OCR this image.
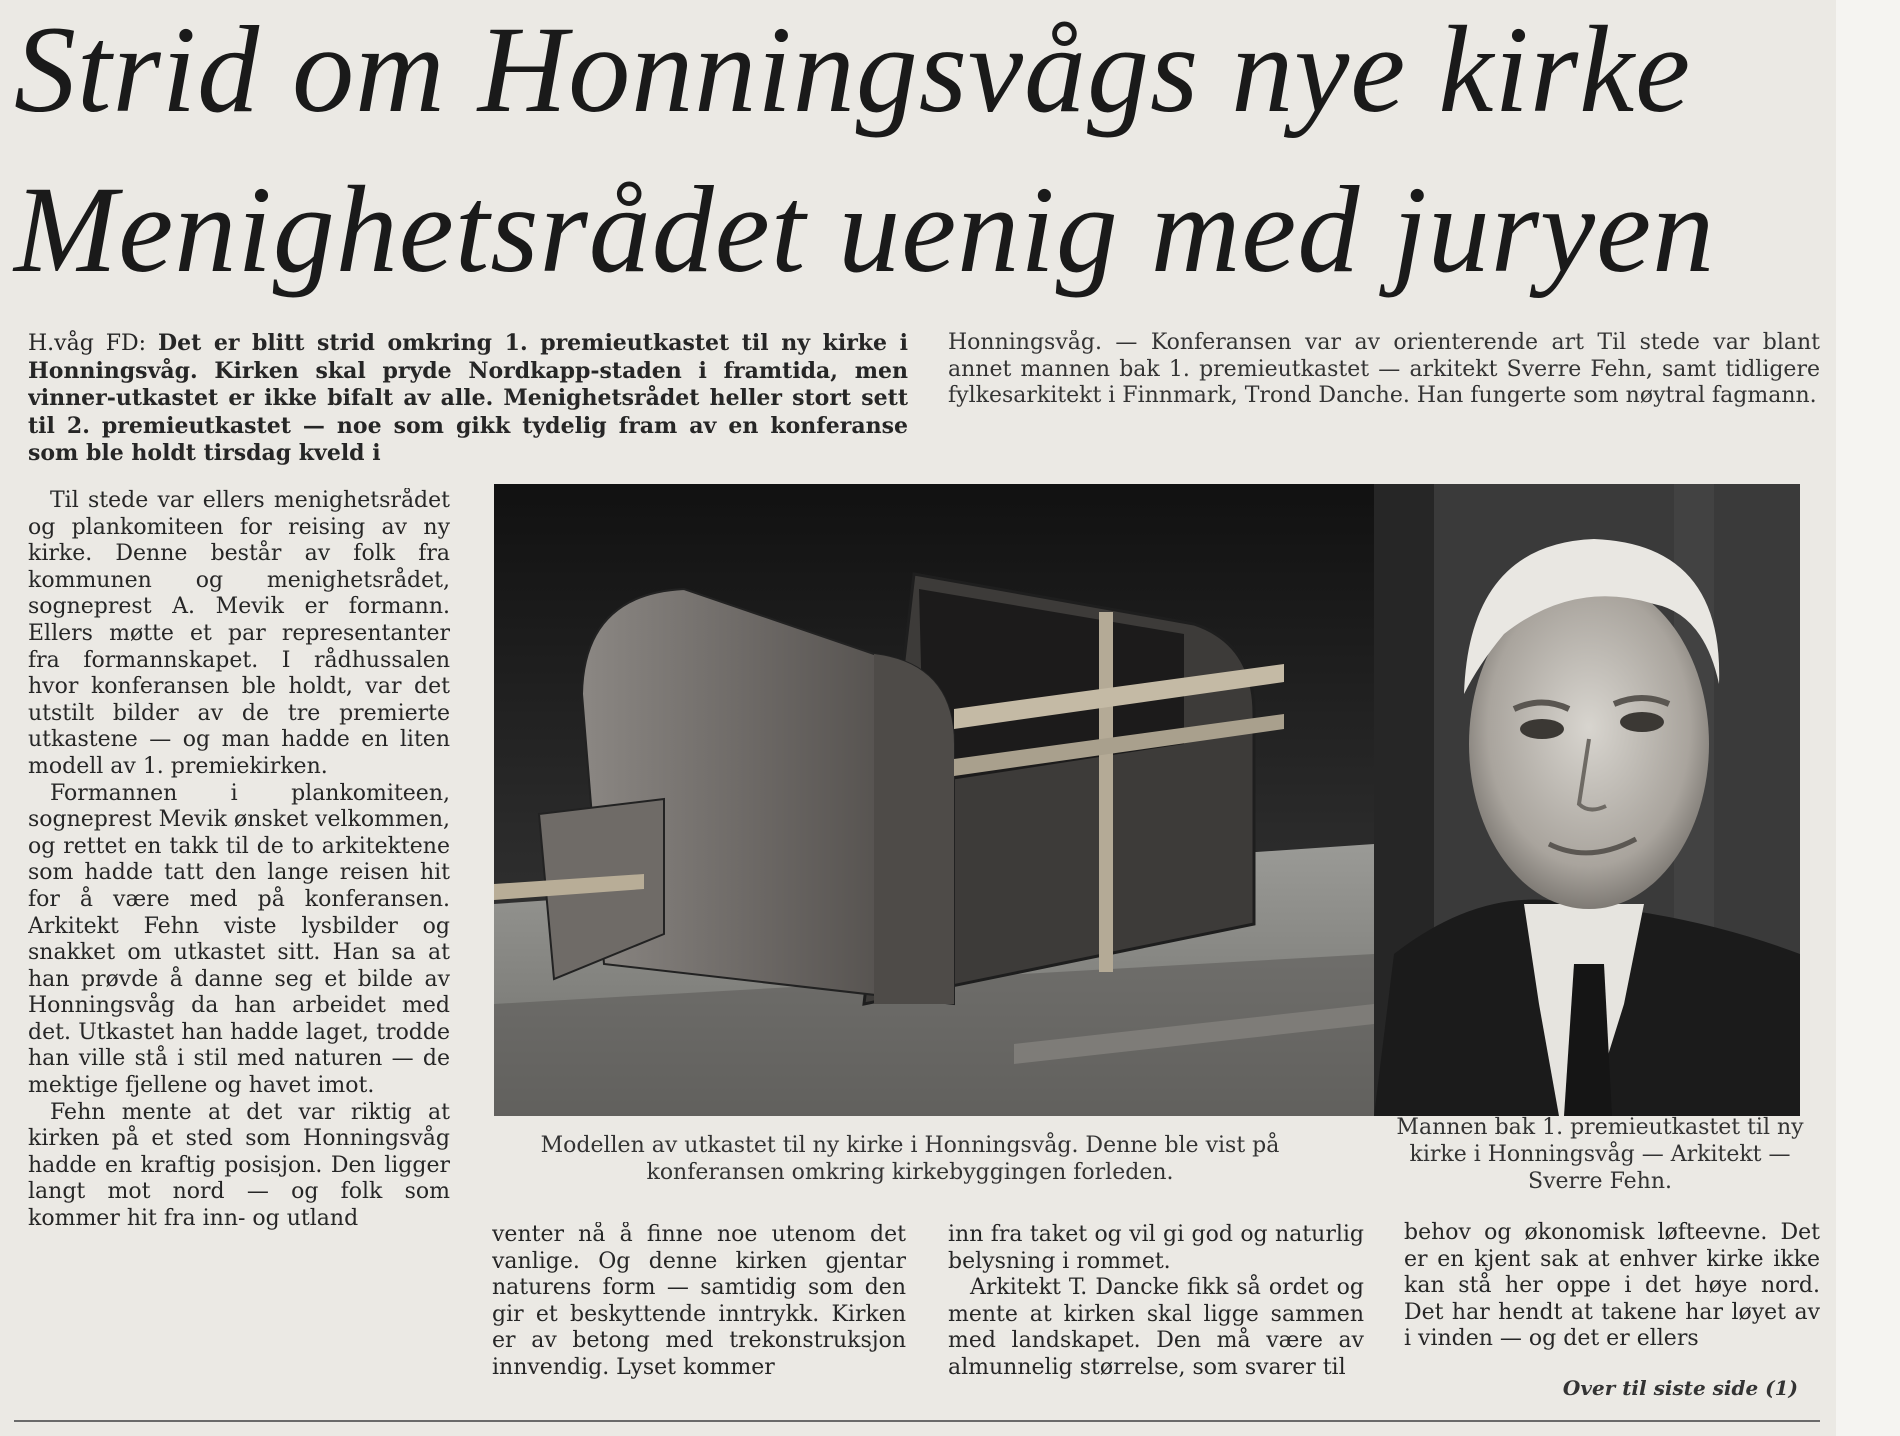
Strid om Honningsvågs nye kirke
Menighetsrådet uenig med juryen

H.våg FD: Det er blitt strid omkring 1. premieutkastet til ny kirke i Honningsvåg. Kirken skal pryde Nordkapp-staden i framtida, men vinner-utkastet er ikke bifalt av alle. Menighetsrådet heller stort sett til 2. premieutkastet — noe som gikk tydelig fram av en konferanse som ble holdt tirsdag kveld i

Honningsvåg. — Konferansen var av orienterende art Til stede var blant annet mannen bak 1. premieutkastet — arkitekt Sverre Fehn, samt tidligere fylkesarkitekt i Finnmark, Trond Danche. Han fungerte som nøytral fagmann.

Til stede var ellers menighetsrådet og plankomiteen for reising av ny kirke. Denne består av folk fra kommunen og menighetsrådet, sogneprest A. Mevik er formann. Ellers møtte et par representanter fra formannskapet. I rådhussalen hvor konferansen ble holdt, var det utstilt bilder av de tre premierte utkastene — og man hadde en liten modell av 1. premiekirken.

Formannen i plankomiteen, sogneprest Mevik ønsket velkommen, og rettet en takk til de to arkitektene som hadde tatt den lange reisen hit for å være med på konferansen. Arkitekt Fehn viste lysbilder og snakket om utkastet sitt. Han sa at han prøvde å danne seg et bilde av Honningsvåg da han arbeidet med det. Utkastet han hadde laget, trodde han ville stå i stil med naturen — de mektige fjellene og havet imot.

Fehn mente at det var riktig at kirken på et sted som Honningsvåg hadde en kraftig posisjon. Den ligger langt mot nord — og folk som kommer hit fra inn- og utland

Modellen av utkastet til ny kirke i Honningsvåg. Denne ble vist på konferansen omkring kirkebyggingen forleden.
Mannen bak 1. premieutkastet til ny kirke i Honningsvåg — Arkitekt — Sverre Fehn.

venter nå å finne noe utenom det vanlige. Og denne kirken gjentar naturens form — samtidig som den gir et beskyttende inntrykk. Kirken er av betong med trekonstruksjon innvendig. Lyset kommer

inn fra taket og vil gi god og naturlig belysning i rommet.

Arkitekt T. Dancke fikk så ordet og mente at kirken skal ligge sammen med landskapet. Den må være av almunnelig størrelse, som svarer til

behov og økonomisk løfteevne. Det er en kjent sak at enhver kirke ikke kan stå her oppe i det høye nord. Det har hendt at takene har løyet av i vinden — og det er ellers

Over til siste side (1)
